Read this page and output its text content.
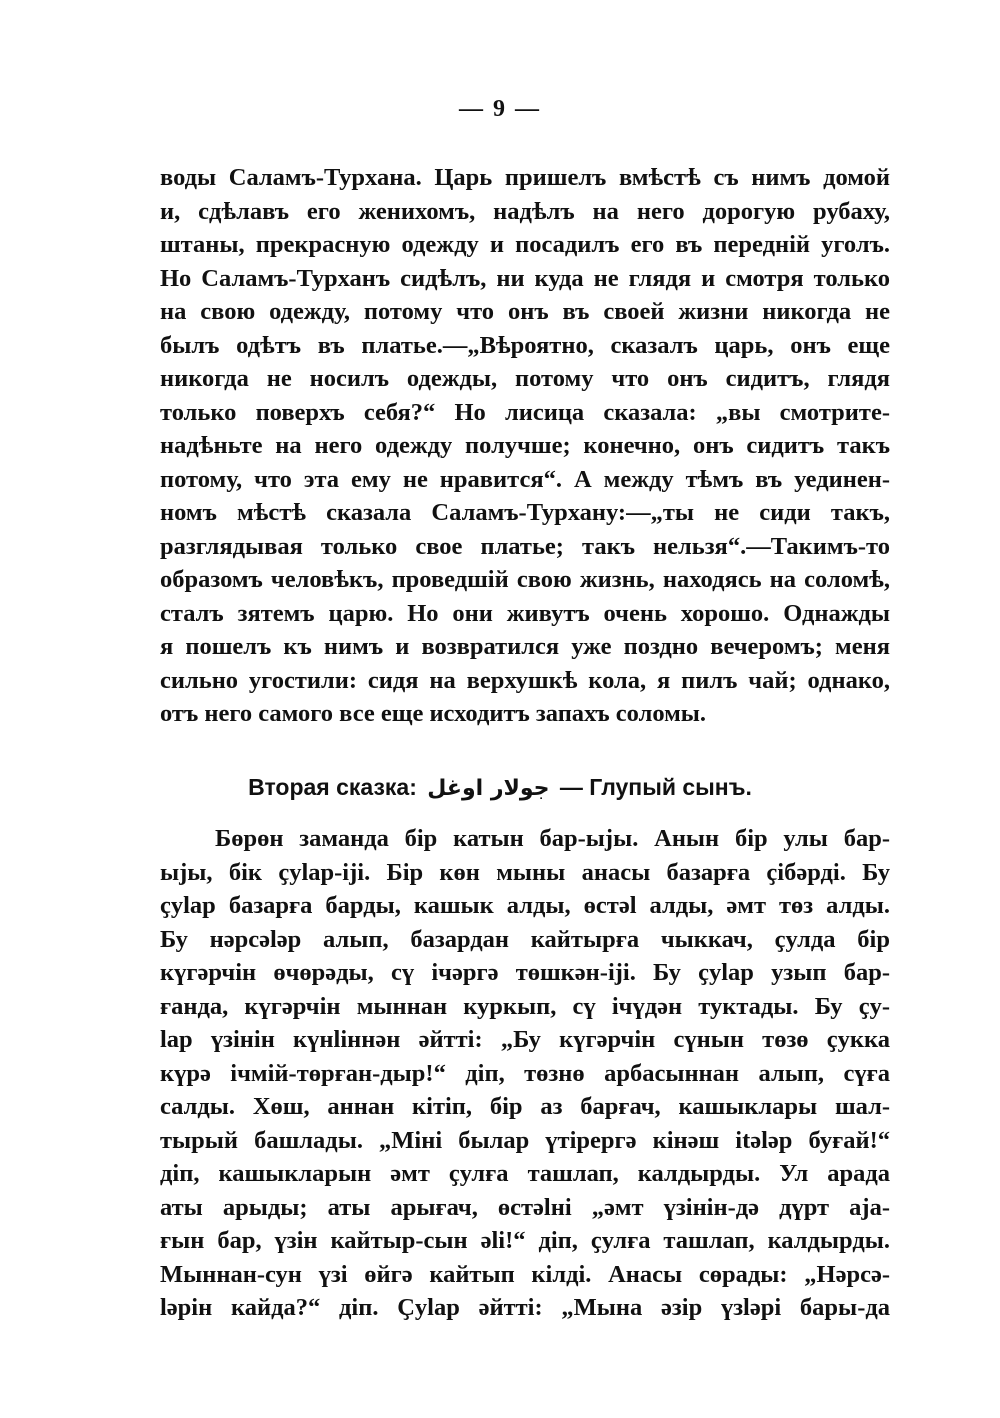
— 9 —
воды Саламъ-Турхана. Царь пришелъ вмѣстѣ съ нимъ домой
и, сдѣлавъ его женихомъ, надѣлъ на него дорогую рубаху,
штаны, прекрасную одежду и посадилъ его въ переднiй уголъ.
Но Саламъ-Турханъ сидѣлъ, ни куда не глядя и смотря только
на свою одежду, потому что онъ въ своей жизни никогда не
былъ одѣтъ въ платье.—„Вѣроятно, сказалъ царь, онъ еще
никогда не носилъ одежды, потому что онъ сидитъ, глядя
только поверхъ себя?“ Но лисица сказала: „вы смотрите-
надѣньте на него одежду получше; конечно, онъ сидитъ такъ
потому, что эта ему не нравится“. А между тѣмъ въ уединен-
номъ мѣстѣ сказала Саламъ-Турхану:—„ты не сиди такъ,
разглядывая только свое платье; такъ нельзя“.—Такимъ-то
образомъ человѣкъ, проведшiй свою жизнь, находясь на соломѣ,
сталъ зятемъ царю. Но они живутъ очень хорошо. Однажды
я пошелъ къ нимъ и возвратился уже поздно вечеромъ; меня
сильно угостили: сидя на верхушкѣ кола, я пилъ чай; однако,
отъ него самого все еще исходитъ запахъ соломы.
Вторая сказка: جولار اوغل — Глупый сынъ.
Бөрөн заманда бір катын бар-ыјы. Анын бір улы бар-
ыјы, бік ҫуlар-іjі. Бір көн мыны анасы базарға ҫібәрді. Бу
ҫуlар базарға барды, кашык алды, өстәl алды, әмт төз алды.
Бу нәрсәlәр алып, базардан кайтырға чыккач, ҫулда бір
күгәрчін өчөрәды, сү ічәргә төшкән-іjі. Бу ҫуlар узып бар-
ғанда, күгәрчін мыннан куркып, сү ічүдән туктады. Бу ҫу-
lар үзінін күнlіннән әйтті: „Бу күгәрчін сүнын төзө ҫукка
күрә ічмій-төрған-дыр!“ діп, төзнө арбасыннан алып, сүға
салды. Хөш, аннан кітіп, бір аз барғач, кашыклары шал-
тырый башлады. „Міні былар үтірергә кінәш itәlәр буғай!“
діп, кашыкларын әмт ҫулға ташлап, калдырды. Ул арада
аты арыды; аты арығач, өстәlні „әмт үзінін-дә дүрт аја-
ғын бар, үзін кайтыр-сын әlі!“ діп, ҫулға ташлап, калдырды.
Мыннан-сун үзі өйгә кайтып кілді. Анасы сөрады: „Нәрсә-
lәрін кайда?“ діп. Ҫуlар әйтті: „Мына әзір үзlәрі бары-да
